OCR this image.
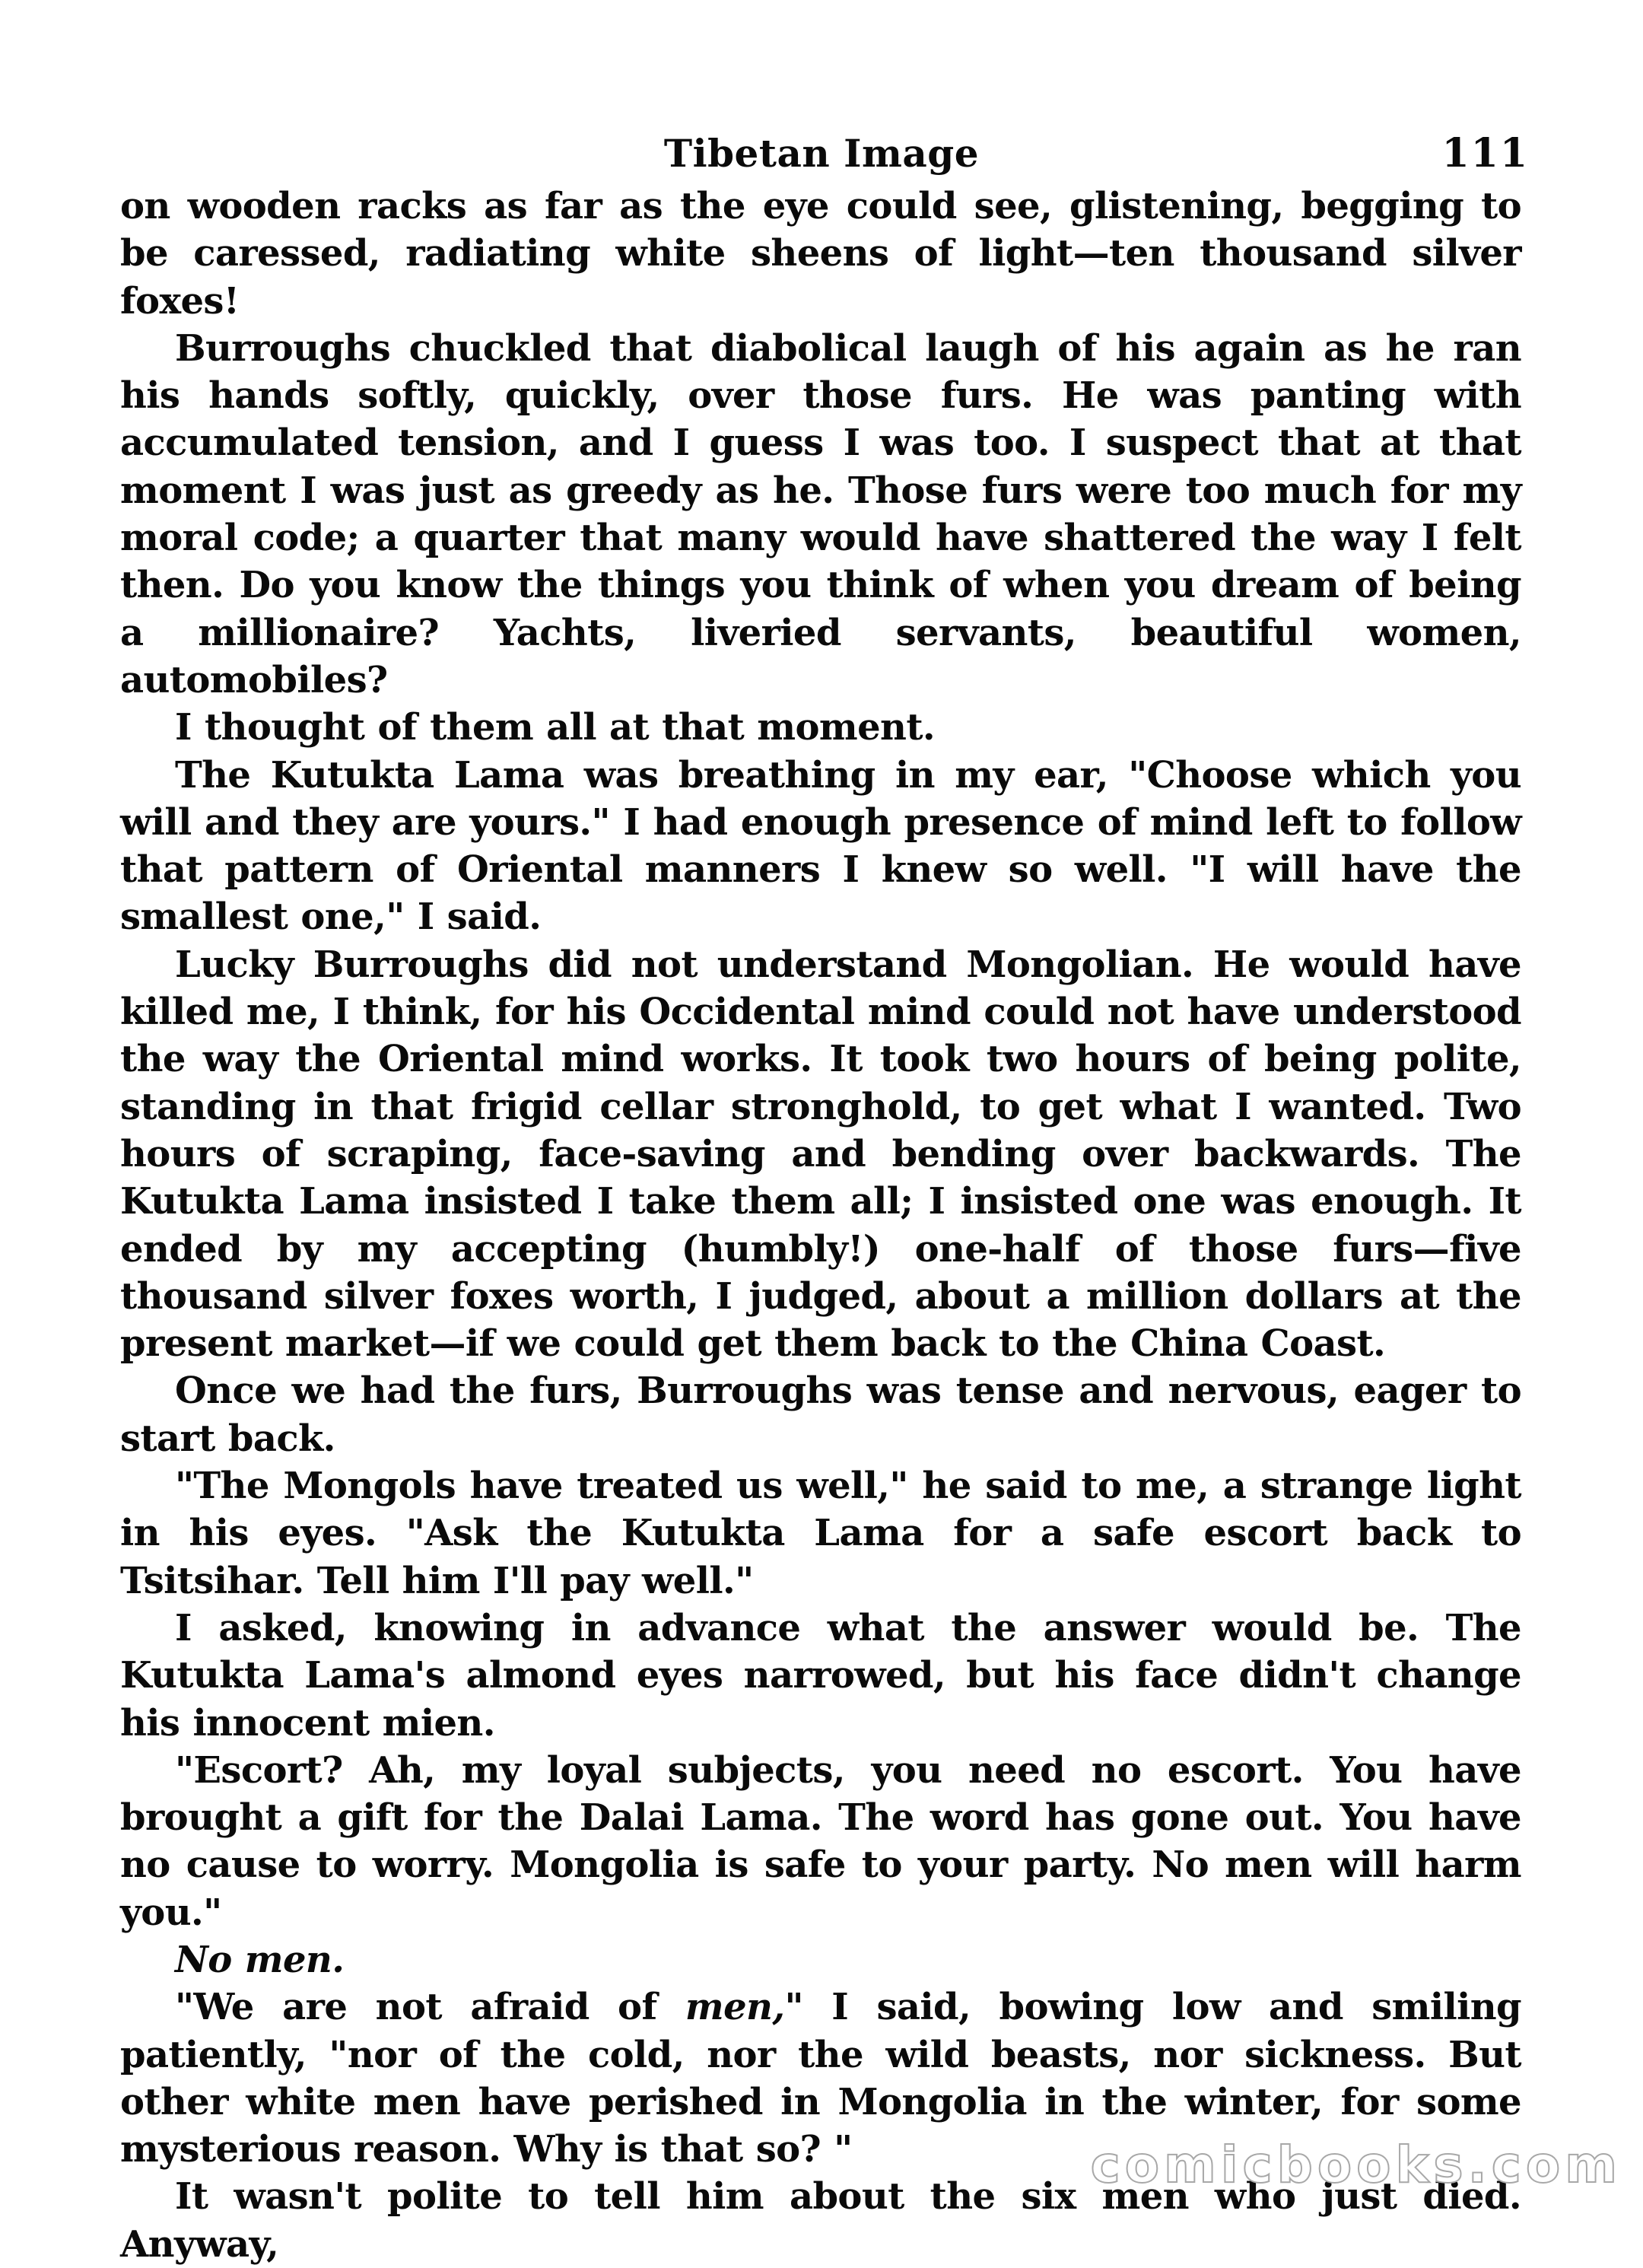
Tibetan Image	111

on wooden racks as far as the eye could see, glistening, begging to be caressed, radiating white sheens of light—ten thousand silver foxes!

Burroughs chuckled that diabolical laugh of his again as he ran his hands softly, quickly, over those furs. He was panting with accumulated tension, and I guess I was too. I suspect that at that moment I was just as greedy as he. Those furs were too much for my moral code; a quarter that many would have shattered the way I felt then. Do you know the things you think of when you dream of being a millionaire? Yachts, liveried servants, beautiful women, automobiles?

I thought of them all at that moment.

The Kutukta Lama was breathing in my ear, "Choose which you will and they are yours." I had enough presence of mind left to follow that pattern of Oriental manners I knew so well. "I will have the smallest one," I said.

Lucky Burroughs did not understand Mongolian. He would have killed me, I think, for his Occidental mind could not have understood the way the Oriental mind works. It took two hours of being polite, standing in that frigid cellar stronghold, to get what I wanted. Two hours of scraping, face-saving and bending over backwards. The Kutukta Lama insisted I take them all; I insisted one was enough. It ended by my accepting (humbly!) one-half of those furs—five thousand silver foxes worth, I judged, about a million dollars at the present market—if we could get them back to the China Coast.

Once we had the furs, Burroughs was tense and nervous, eager to start back.

"The Mongols have treated us well," he said to me, a strange light in his eyes. "Ask the Kutukta Lama for a safe escort back to Tsitsihar. Tell him I'll pay well."

I asked, knowing in advance what the answer would be. The Kutukta Lama's almond eyes narrowed, but his face didn't change his innocent mien.

"Escort? Ah, my loyal subjects, you need no escort. You have brought a gift for the Dalai Lama. The word has gone out. You have no cause to worry. Mongolia is safe to your party. No men will harm you."

No men.

"We are not afraid of men," I said, bowing low and smiling patiently, "nor of the cold, nor the wild beasts, nor sickness. But other white men have perished in Mongolia in the winter, for some mysterious reason. Why is that so? "

It wasn't polite to tell him about the six men who just died. Anyway,

comicbooks.com
